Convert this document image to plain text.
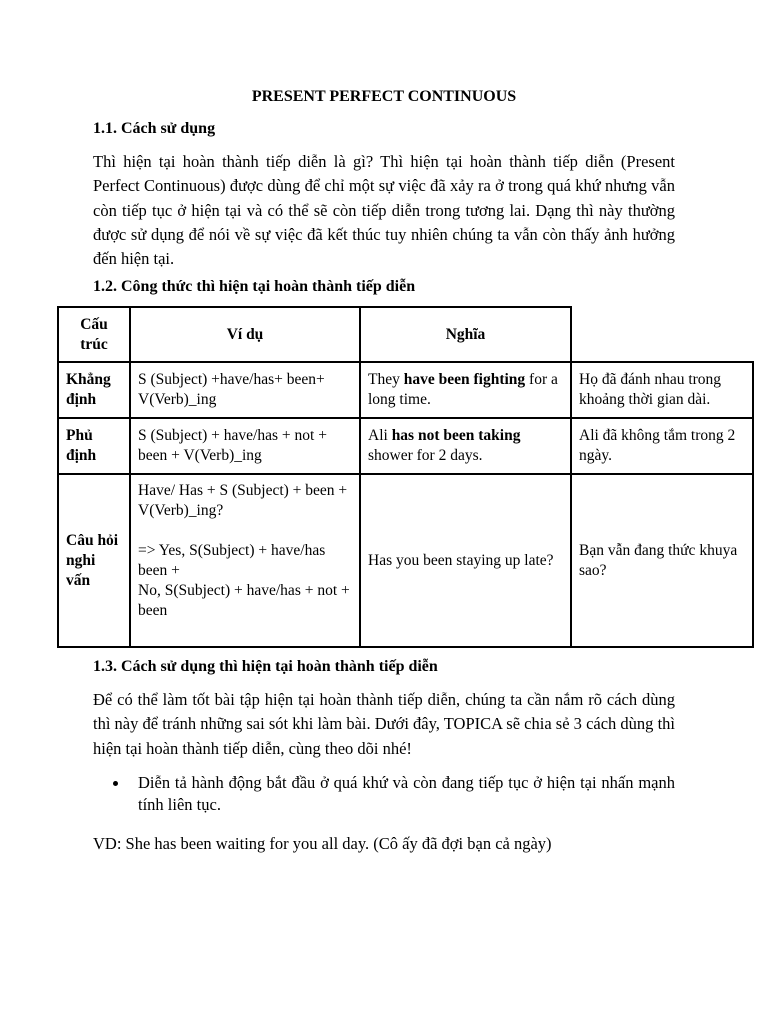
PRESENT PERFECT CONTINUOUS
1.1. Cách sử dụng
Thì hiện tại hoàn thành tiếp diễn là gì? Thì hiện tại hoàn thành tiếp diễn (Present Perfect Continuous) được dùng để chỉ một sự việc đã xảy ra ở trong quá khứ nhưng vẫn còn tiếp tục ở hiện tại và có thể sẽ còn tiếp diễn trong tương lai. Dạng thì này thường được sử dụng để nói về sự việc đã kết thúc tuy nhiên chúng ta vẫn còn thấy ảnh hưởng đến hiện tại.
1.2. Công thức thì hiện tại hoàn thành tiếp diễn
Cấu trúc	Ví dụ	Nghĩa	
Khẳng định	S (Subject) +have/has+ been+ V(Verb)_ing	They have been fighting for a long time.	Họ đã đánh nhau trong khoảng thời gian dài.
Phủ định	S (Subject) + have/has + not + been + V(Verb)_ing	Ali has not been taking shower for 2 days.	Ali đã không tắm trong 2 ngày.
Câu hỏi nghi vấn	Have/ Has + S (Subject) + been + V(Verb)_ing?
=> Yes, S(Subject) + have/has been +
No, S(Subject) + have/has + not + been	Has you been staying up late?	Bạn vẫn đang thức khuya sao?
1.3. Cách sử dụng thì hiện tại hoàn thành tiếp diễn
Để có thể làm tốt bài tập hiện tại hoàn thành tiếp diễn, chúng ta cần nắm rõ cách dùng thì này để tránh những sai sót khi làm bài. Dưới đây, TOPICA sẽ chia sẻ 3 cách dùng thì hiện tại hoàn thành tiếp diễn, cùng theo dõi nhé!
Diễn tả hành động bắt đầu ở quá khứ và còn đang tiếp tục ở hiện tại nhấn mạnh tính liên tục.
VD: She has been waiting for you all day. (Cô ấy đã đợi bạn cả ngày)
